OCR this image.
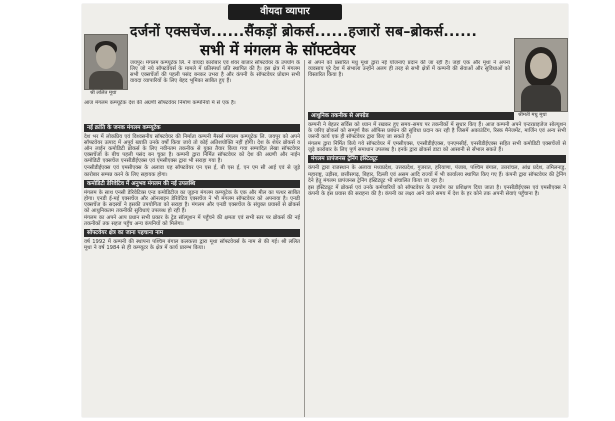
वीयदा व्यापार
दर्जनों एक्सचेंज......सैंकड़ों ब्रोकर्स......हजारों सब–ब्रोकर्स......
सभी में मंगलम के सॉफ्टवेयर
श्री ललित मूथा
श्रीमती मधु मूथा

जयपुर। मंगलम कम्प्यूटेक लि. ने वायदा कारोबार एवं शेयर बाजार सॉफ्टवेयर के उपयोग के लिए जो नये सॉफ्टवेयर्स के मामले में प्रतिस्पर्धा प्रति स्थापित की है। इस क्षेत्र में मंगलम सभी एक्सचेंजों की पहली पसंद बनकर उभरा है और कंपनी के सॉफ्टवेयर प्रोग्राम सभी वायदा व्यापारियों के लिए बेहद भूमिका साबित हुए हैं।

आज मंगलम कम्प्यूटेक देश की अग्रणी सॉफ्टवेयर निर्माण कम्पनियों में से एक है।

नई क्रांति के जनक मंगलम कम्प्यूटेक

देश भर में लोकप्रिय एवं विश्वसनीय सॉफ्टवेयर की निर्माता कम्पनी मैसर्स मंगलम कम्प्यूटेक लि. जयपुर को अपने सॉफ्टवेयर उत्पाद में अपूर्व ख्याति उनके वर्षों किया जाये तो कोई अतिशयोक्ति नहीं होगी। देश के शेयर ब्रोकर्स व ऑन लाईन कमोडिटी ब्रोकर्स के लिए नवीनतम तकनीक से युक्त तैयार किया गया सम्पादित लेखा सॉफ्टवेयर एक्सचेंजों के बीच पहली पसंद बन चुका है। कम्पनी द्वारा निर्मित सॉफ्टवेयर को देश की अग्रणी और नाईन कमोडिटी एक्सचेंज एनसीडीईएक्स एवं एमसीएक्स द्वारा भी सराहा गया है।

एनसीडीईएक्स एवं एमसीएक्स के अलावा यह सॉफ्टवेयर एन एस ई, बी एस ई, एन एम सी आई एवं से जुड़े कारोबार सम्पन्न करने के लिए सहायक होगा।

कमोडिटी डेरिवेटिव में अनुभव मंगलम की नई उपलब्धि

मंगलम के साथ एनसी डेरिवेटिव्स एन्ड कमोडिटीज का जुड़ना मंगलम कम्प्यूटेक के एक और मील का पत्थर साबित होगा। एनडी ई-मई एक्सचेंज और ऑनलाइन डेरिवेटिव एक्सचेंज ने भी मंगलम सॉफ्टवेयर को अपनाया है। एनडी एक्सचेंज के सदस्यों ने इसकी उपयोगिता को सराहा है। मंगलम और एनडी एक्सचेंज के संयुक्त प्रयासों से ब्रोकर्स को आधुनिकतम तकनीकी सुविधाएं उपलब्ध हो रही हैं।

मंगलम का अपने आप प्रधान सभी प्रकार के ट्रेड सॉल्यूशन में पहुँचने की क्षमता एवं सभी स्तर पर ब्रोकर्स की नई तकनीकों तक सहज पहुँच अन्य कंपनियों को मिलेगा।

सॉफ्टवेयर क्षेत्र का जाना पहचाना नाम

वर्ष 1992 में कम्पनी की स्थापना पश्चिम बंगाल कलकत्ता द्वारा मूथा सॉफ्टवेयर्स के नाम से की गई। श्री ललित मूथा ने वर्ष 1984 से ही कम्प्यूटर के क्षेत्र में कार्य प्रारम्भ किया।

से अपने को प्रसारित मधु मूथा द्वारा नई योजनाएं प्रदान की जा रही हैं। जहां एक और मूथा ने अपना व्यवसाय पूरे देश में संभाला उन्होंने अलग ही तरह से सभी क्षेत्रों में कम्पनी की सेवाओं और सुविधाओं को विस्तारित किया है।

आधुनिक तकनीक से अपग्रेड

कम्पनी ने बेहतर सर्विस को ध्यान में रखकर हुए समय–समय पर तकनीकों में सुधार किए हैं। आज कम्पनी अपने एन्टरप्राइजेज सोल्यूशन के जरिए ब्रोकर्स को सम्पूर्ण बैक ऑफिस प्रबंधन की सुविधा प्रदान कर रही है जिसमें अकाउंटिंग, रिस्क मैनेजमेंट, मार्जिन एवं अन्य सभी जरूरी कार्य एक ही सॉफ्टवेयर द्वारा किए जा सकते हैं।

मंगलम द्वारा निर्मित किये गये सॉफ्टवेयर में एमसीएक्स, एनसीडीईएक्स, एनएमसीई, एनसीडीईएक्स सहित सभी कमोडिटी एक्सचेंजों से जुड़े कारोबार के लिए पूर्ण समाधान उपलब्ध है। इनके द्वारा ब्रोकर्स डाटा को आसानी से सँभाल सकते हैं।

मंगलम प्रापंजनस ट्रेनिंग इंस्टिट्यूट

कंपनी द्वारा राजस्थान के अलावा मध्यप्रदेश, उत्तरप्रदेश, गुजरात, हरियाणा, पंजाब, पश्चिम बंगाल, उत्तरांचल, आंध्र प्रदेश, तमिलनाडु, महाराष्ट्र, उड़ीसा, छत्तीसगढ़, बिहार, दिल्ली एवं असम आदि राज्यों में भी कार्यालय स्थापित किए गए हैं। कंपनी द्वारा सॉफ्टवेयर की ट्रेनिंग देने हेतु मंगलम प्रापंजनस ट्रेनिंग इंस्टिट्यूट भी संचालित किया जा रहा है।

इस इंस्टिट्यूट में ब्रोकर्स एवं उनके कर्मचारियों को सॉफ्टवेयर के उपयोग का प्रशिक्षण दिया जाता है। एनसीडीईएक्स एवं एमसीएक्स ने कंपनी के इस प्रयास की सराहना की है। कंपनी का लक्ष्य आने वाले समय में देश के हर कोने तक अपनी सेवाएं पहुँचाना है।
